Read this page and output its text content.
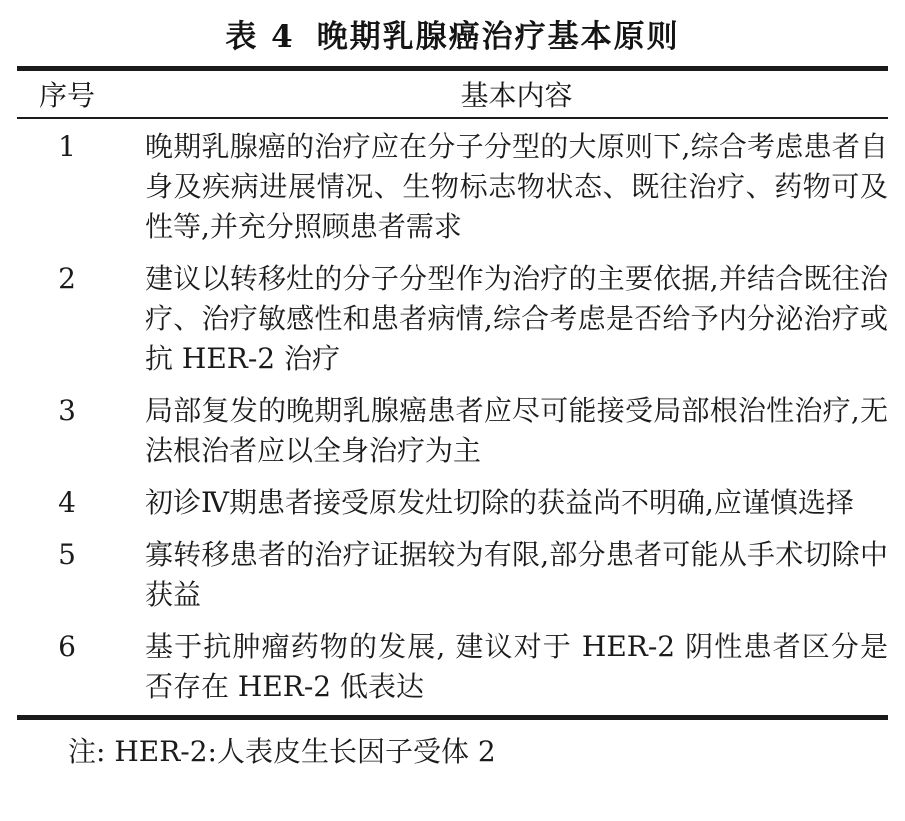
表 4 晚期乳腺癌治疗基本原则
序号	基本内容
1	晚期乳腺癌的治疗应在分子分型的大原则下,综合考虑患者自身及疾病进展情况、生物标志物状态、既往治疗、药物可及性等,并充分照顾患者需求
2	建议以转移灶的分子分型作为治疗的主要依据,并结合既往治疗、治疗敏感性和患者病情,综合考虑是否给予内分泌治疗或抗 HER-2 治疗
3	局部复发的晚期乳腺癌患者应尽可能接受局部根治性治疗,无法根治者应以全身治疗为主
4	初诊Ⅳ期患者接受原发灶切除的获益尚不明确,应谨慎选择
5	寡转移患者的治疗证据较为有限,部分患者可能从手术切除中获益
6	基于抗肿瘤药物的发展, 建议对于 HER-2 阴性患者区分是否存在 HER-2 低表达
注: HER-2:人表皮生长因子受体 2
